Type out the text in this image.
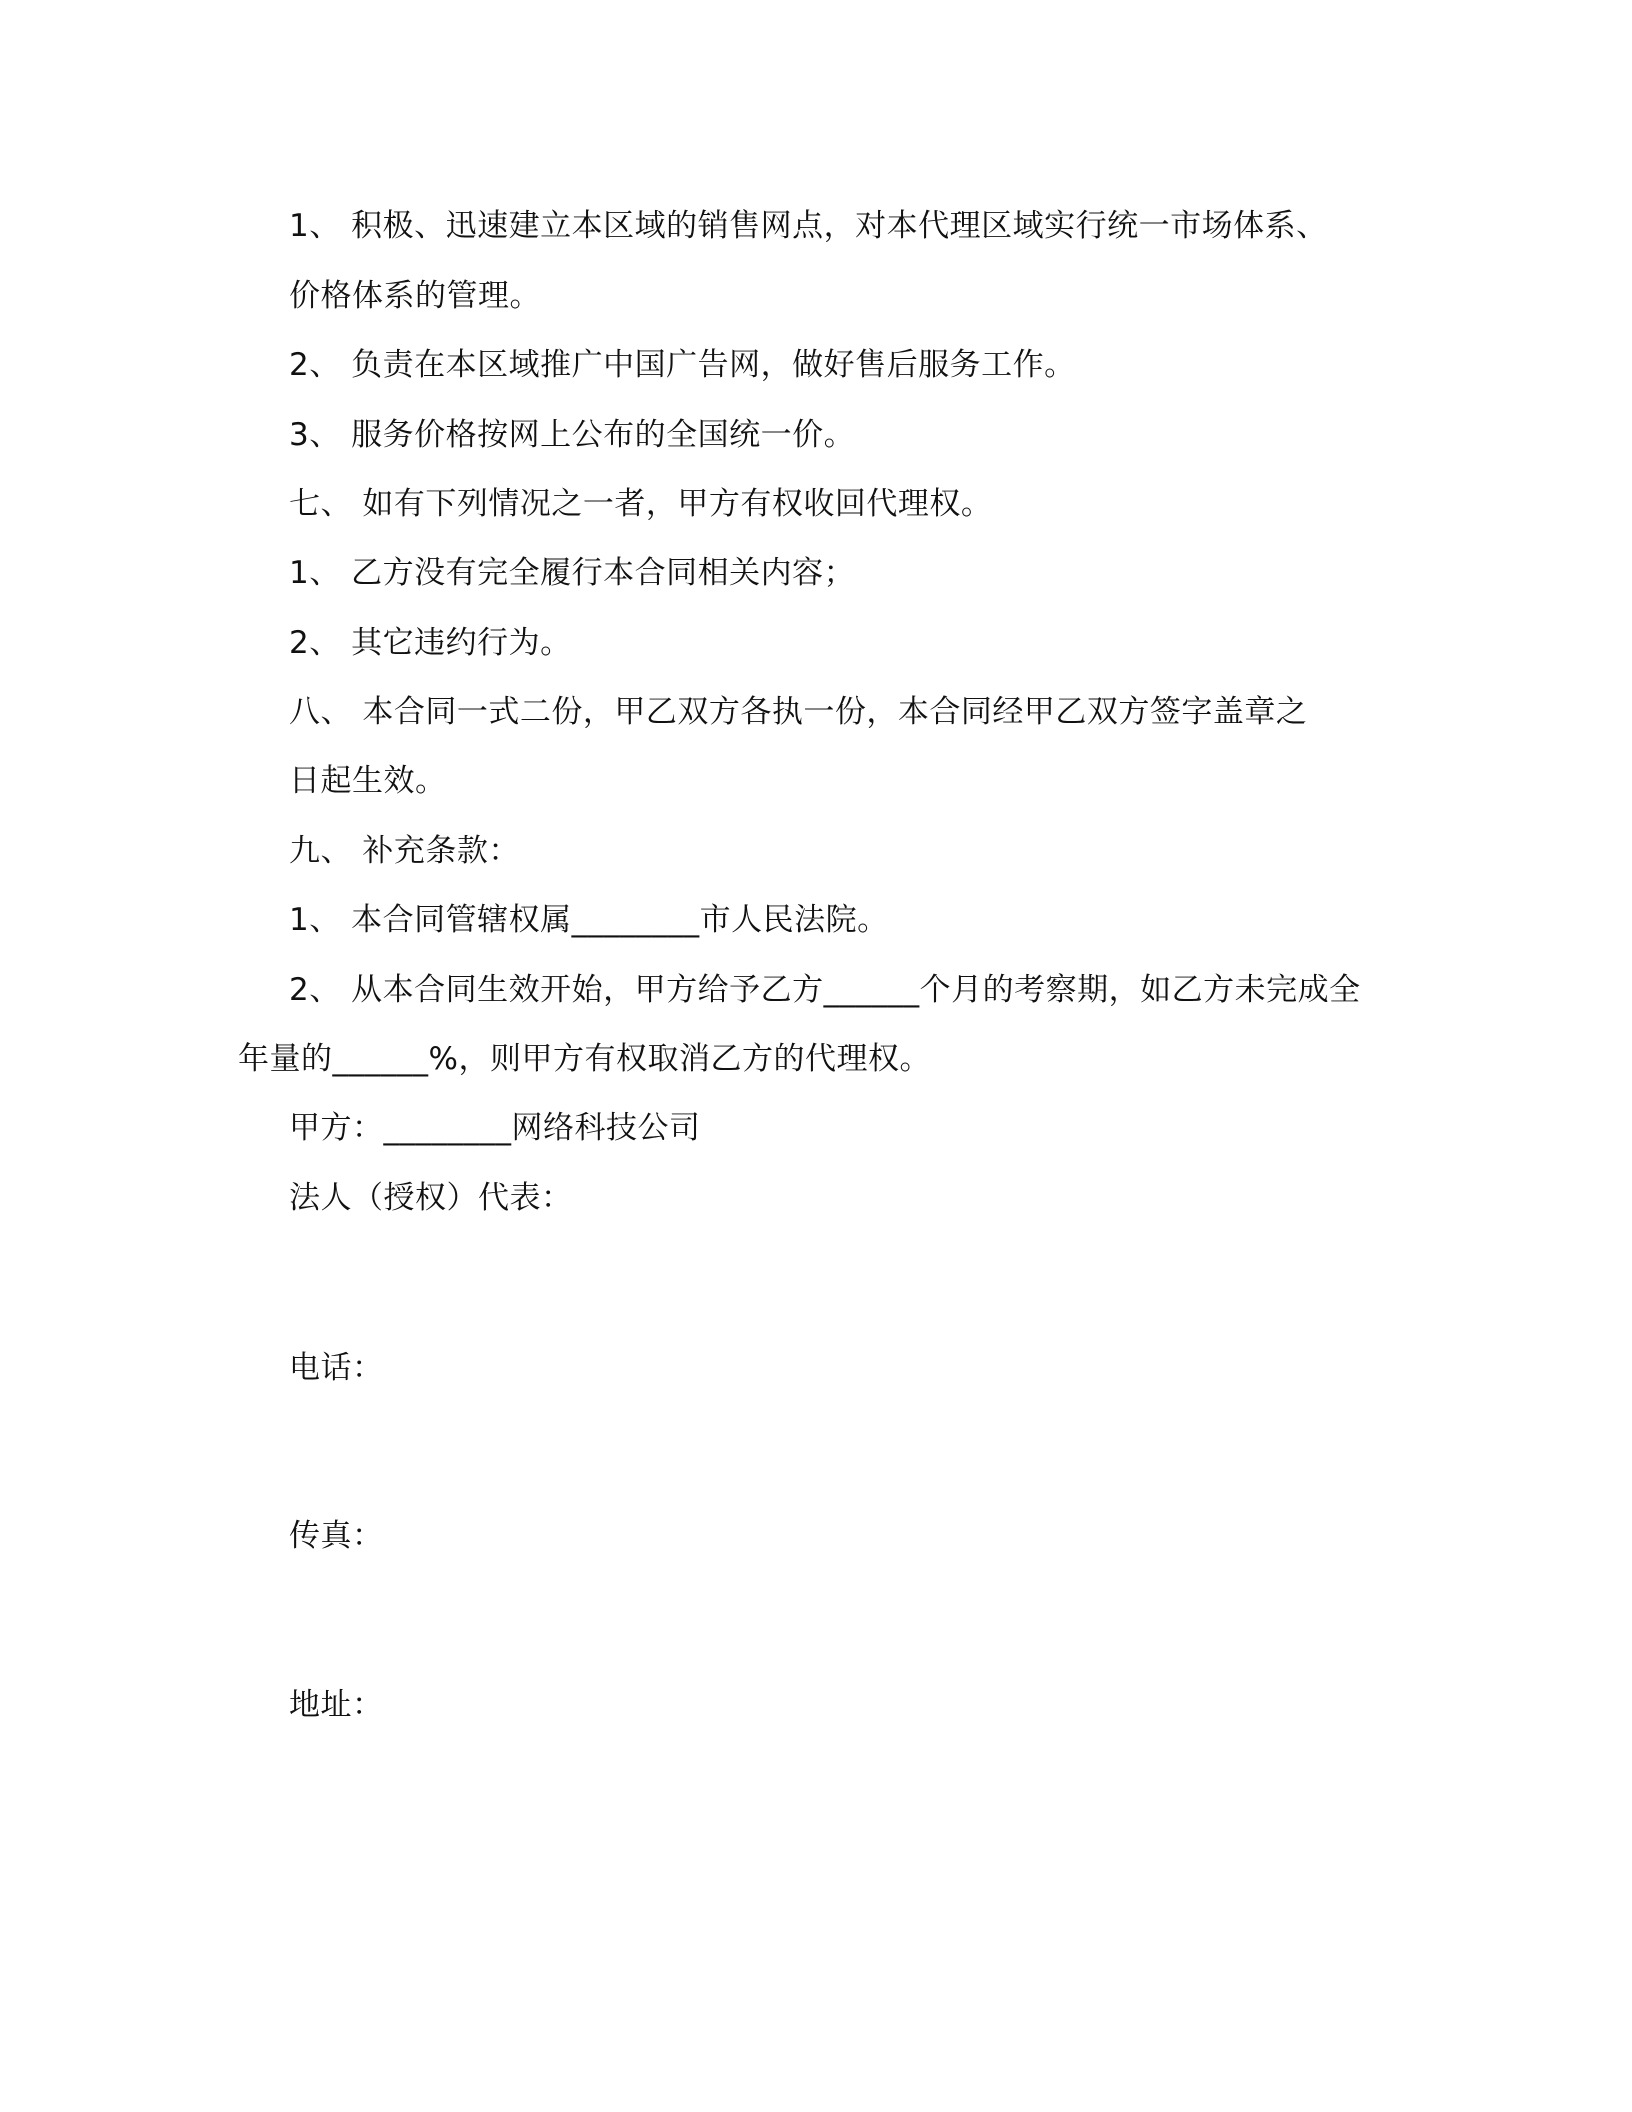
1、 积极、迅速建立本区域的销售网点，对本代理区域实行统一市场体系、
价格体系的管理。
2、 负责在本区域推广中国广告网，做好售后服务工作。
3、 服务价格按网上公布的全国统一价。
七、 如有下列情况之一者，甲方有权收回代理权。
1、 乙方没有完全履行本合同相关内容；
2、 其它违约行为。
八、 本合同一式二份，甲乙双方各执一份，本合同经甲乙双方签字盖章之
日起生效。
九、 补充条款：
1、 本合同管辖权属________市人民法院。
2、 从本合同生效开始，甲方给予乙方______个月的考察期，如乙方未完成全
年量的______%，则甲方有权取消乙方的代理权。
甲方：________网络科技公司
法人（授权）代表：
电话：
传真：
地址：
